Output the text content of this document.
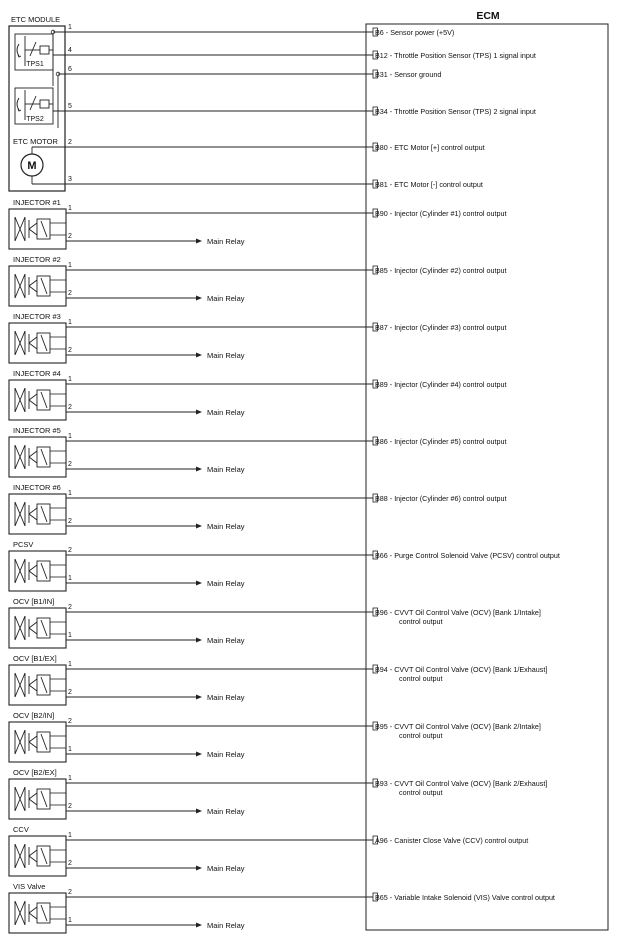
ECM
ETC MODULE
TPS1
TPS2
ETC MOTOR
M
1
4
6
5
2
3
B6 - Sensor power (+5V)
B12 - Throttle Position Sensor (TPS) 1 signal input
B31 - Sensor ground
B34 - Throttle Position Sensor (TPS) 2 signal input
B80 - ETC Motor [+] control output
B81 - ETC Motor [-] control output
B90 - Injector (Cylinder #1) control output
B85 - Injector (Cylinder #2) control output
B87 - Injector (Cylinder #3) control output
B89 - Injector (Cylinder #4) control output
B86 - Injector (Cylinder #5) control output
B88 - Injector (Cylinder #6) control output
B66 - Purge Control Solenoid Valve (PCSV) control output
B96 - CVVT Oil Control Valve (OCV) [Bank 1/Intake]
control output
B94 - CVVT Oil Control Valve (OCV) [Bank 1/Exhaust]
control output
B95 - CVVT Oil Control Valve (OCV) [Bank 2/Intake]
control output
B93 - CVVT Oil Control Valve (OCV) [Bank 2/Exhaust]
control output
A96 - Canister Close Valve (CCV) control output
B65 - Variable Intake Solenoid (VIS) Valve control output
INJECTOR #1
1
2
Main Relay
INJECTOR #2
1
2
Main Relay
INJECTOR #3
1
2
Main Relay
INJECTOR #4
1
2
Main Relay
INJECTOR #5
1
2
Main Relay
INJECTOR #6
1
2
Main Relay
PCSV
2
1
Main Relay
OCV [B1/IN]
2
1
Main Relay
OCV [B1/EX]
1
2
Main Relay
OCV [B2/IN]
2
1
Main Relay
OCV [B2/EX]
1
2
Main Relay
CCV
1
2
Main Relay
VIS Valve
2
1
Main Relay
